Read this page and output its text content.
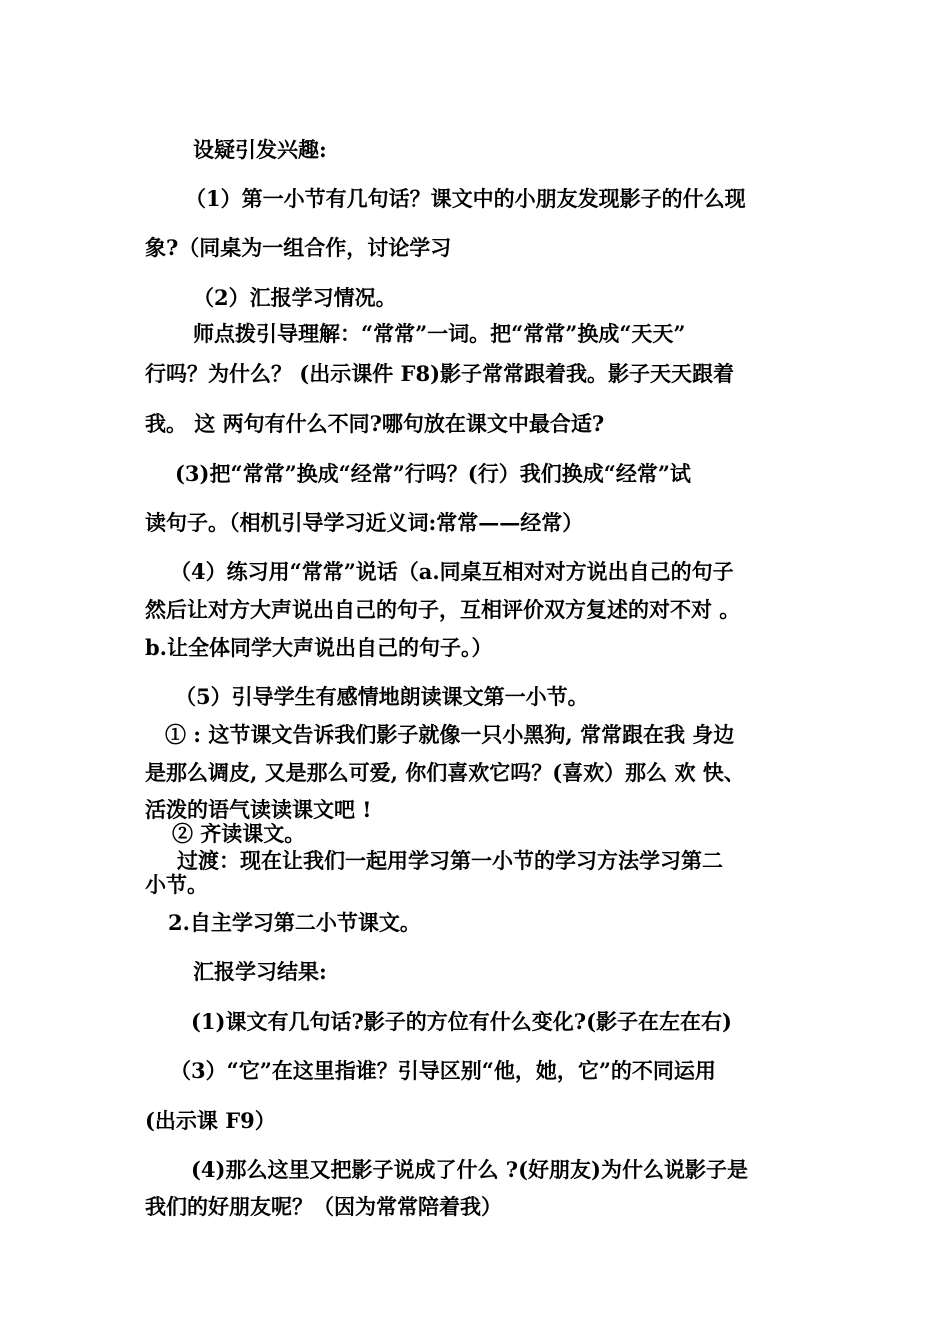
设疑引发兴趣:
（1）第一小节有几句话？课文中的小朋友发现影子的什么现
象?（同桌为一组合作，讨论学习
（2）汇报学习情况。
师点拨引导理解：“常常”一词。把“常常”换成“天天”
行吗？为什么？ (出示课件 F8)影子常常跟着我。影子天天跟着
我。 这 两句有什么不同?哪句放在课文中最合适?
(3)把“常常”换成“经常”行吗？(行）我们换成“经常”试
读句子。（相机引导学习近义词:常常——经常）
（4）练习用“常常”说话（a.同桌互相对对方说出自己的句子
然后让对方大声说出自己的句子，互相评价双方复述的对不对 。
b.让全体同学大声说出自己的句子。）
（5）引导学生有感情地朗读课文第一小节。
① : 这节课文告诉我们影子就像一只小黑狗, 常常跟在我 身边
是那么调皮, 又是那么可爱, 你们喜欢它吗？(喜欢）那么 欢 快、
活泼的语气读读课文吧 !
② 齐读课文。
过渡：现在让我们一起用学习第一小节的学习方法学习第二
小节。
2.自主学习第二小节课文。
汇报学习结果:
(1)课文有几句话?影子的方位有什么变化?(影子在左在右)
（3）“它”在这里指谁？引导区别“他，她，它”的不同运用
(出示课 F9）
(4)那么这里又把影子说成了什么 ?(好朋友)为什么说影子是
我们的好朋友呢？（因为常常陪着我）
